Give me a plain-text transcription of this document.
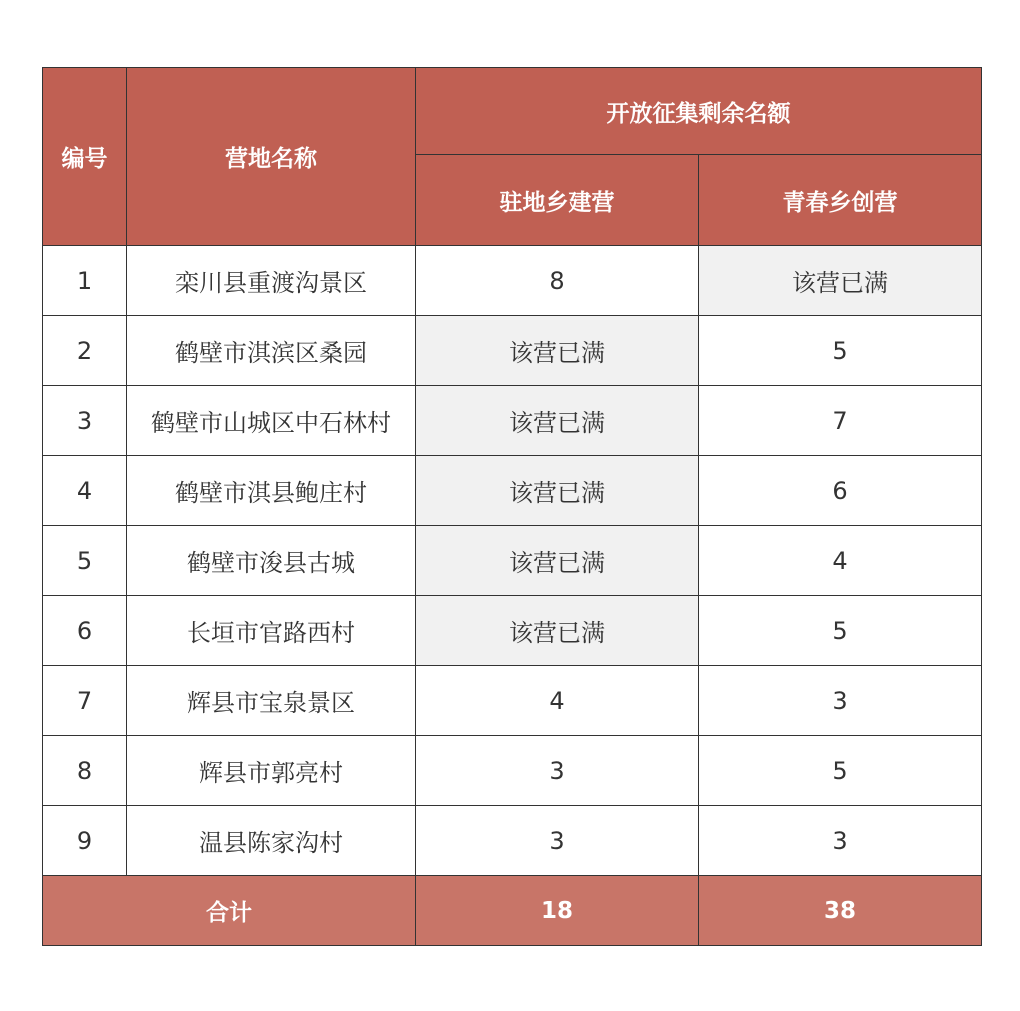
编号	营地名称	开放征集剩余名额	
		驻地乡建营	青春乡创营
1	栾川县重渡沟景区	8	该营已满
2	鹤壁市淇滨区桑园	该营已满	5
3	鹤壁市山城区中石林村	该营已满	7
4	鹤壁市淇县鲍庄村	该营已满	6
5	鹤壁市浚县古城	该营已满	4
6	长垣市官路西村	该营已满	5
7	辉县市宝泉景区	4	3
8	辉县市郭亮村	3	5
9	温县陈家沟村	3	3
合计		18	38
